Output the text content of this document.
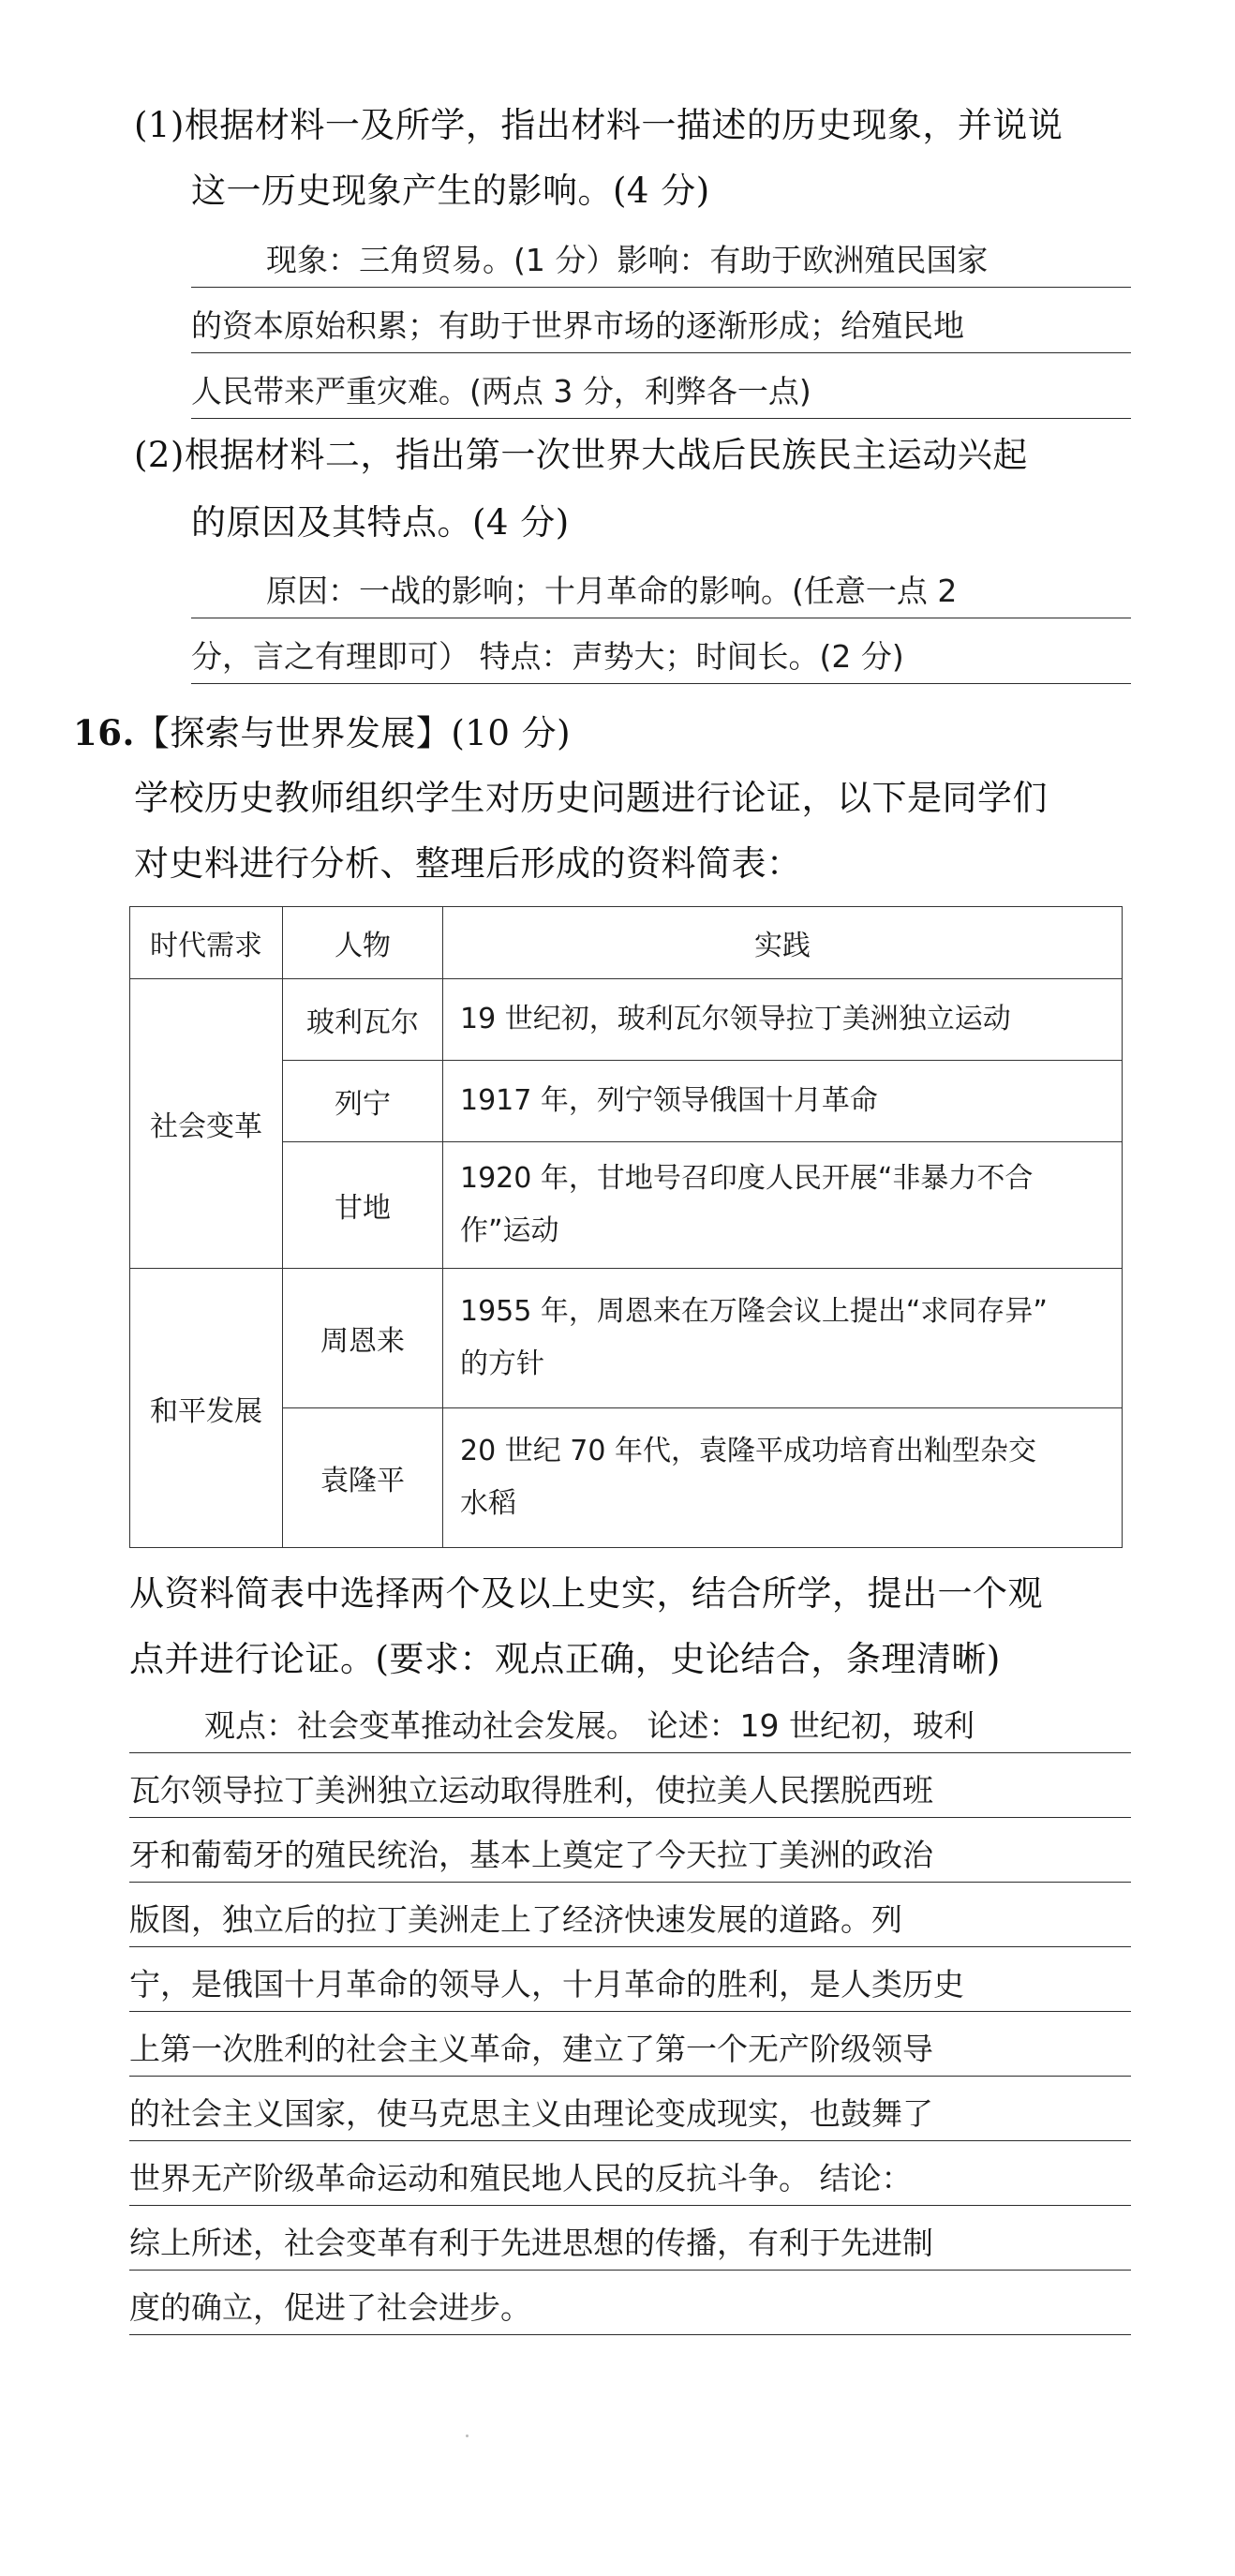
(1)根据材料一及所学，指出材料一描述的历史现象，并说说
这一历史现象产生的影响。(4 分)
现象：三角贸易。(1 分）影响：有助于欧洲殖民国家
的资本原始积累；有助于世界市场的逐渐形成；给殖民地
人民带来严重灾难。(两点 3 分，利弊各一点)
(2)根据材料二，指出第一次世界大战后民族民主运动兴起
的原因及其特点。(4 分)
原因：一战的影响；十月革命的影响。(任意一点 2
分，言之有理即可） 特点：声势大；时间长。(2 分)
16.【探索与世界发展】(10 分)
学校历史教师组织学生对历史问题进行论证，以下是同学们
对史料进行分析、整理后形成的资料简表：
时代需求	人物	实践
社会变革	玻利瓦尔	19 世纪初，玻利瓦尔领导拉丁美洲独立运动

	列宁	1917 年，列宁领导俄国十月革命

	甘地	1920 年，甘地号召印度人民开展“非暴力不合
作”运动

和平发展	周恩来	1955 年，周恩来在万隆会议上提出“求同存异”
的方针

	袁隆平	20 世纪 70 年代，袁隆平成功培育出籼型杂交
水稻
从资料简表中选择两个及以上史实，结合所学，提出一个观
点并进行论证。(要求：观点正确，史论结合，条理清晰)
观点：社会变革推动社会发展。 论述：19 世纪初，玻利
瓦尔领导拉丁美洲独立运动取得胜利，使拉美人民摆脱西班
牙和葡萄牙的殖民统治，基本上奠定了今天拉丁美洲的政治
版图，独立后的拉丁美洲走上了经济快速发展的道路。列
宁，是俄国十月革命的领导人，十月革命的胜利，是人类历史
上第一次胜利的社会主义革命，建立了第一个无产阶级领导
的社会主义国家，使马克思主义由理论变成现实，也鼓舞了
世界无产阶级革命运动和殖民地人民的反抗斗争。 结论：
综上所述，社会变革有利于先进思想的传播，有利于先进制
度的确立，促进了社会进步。
